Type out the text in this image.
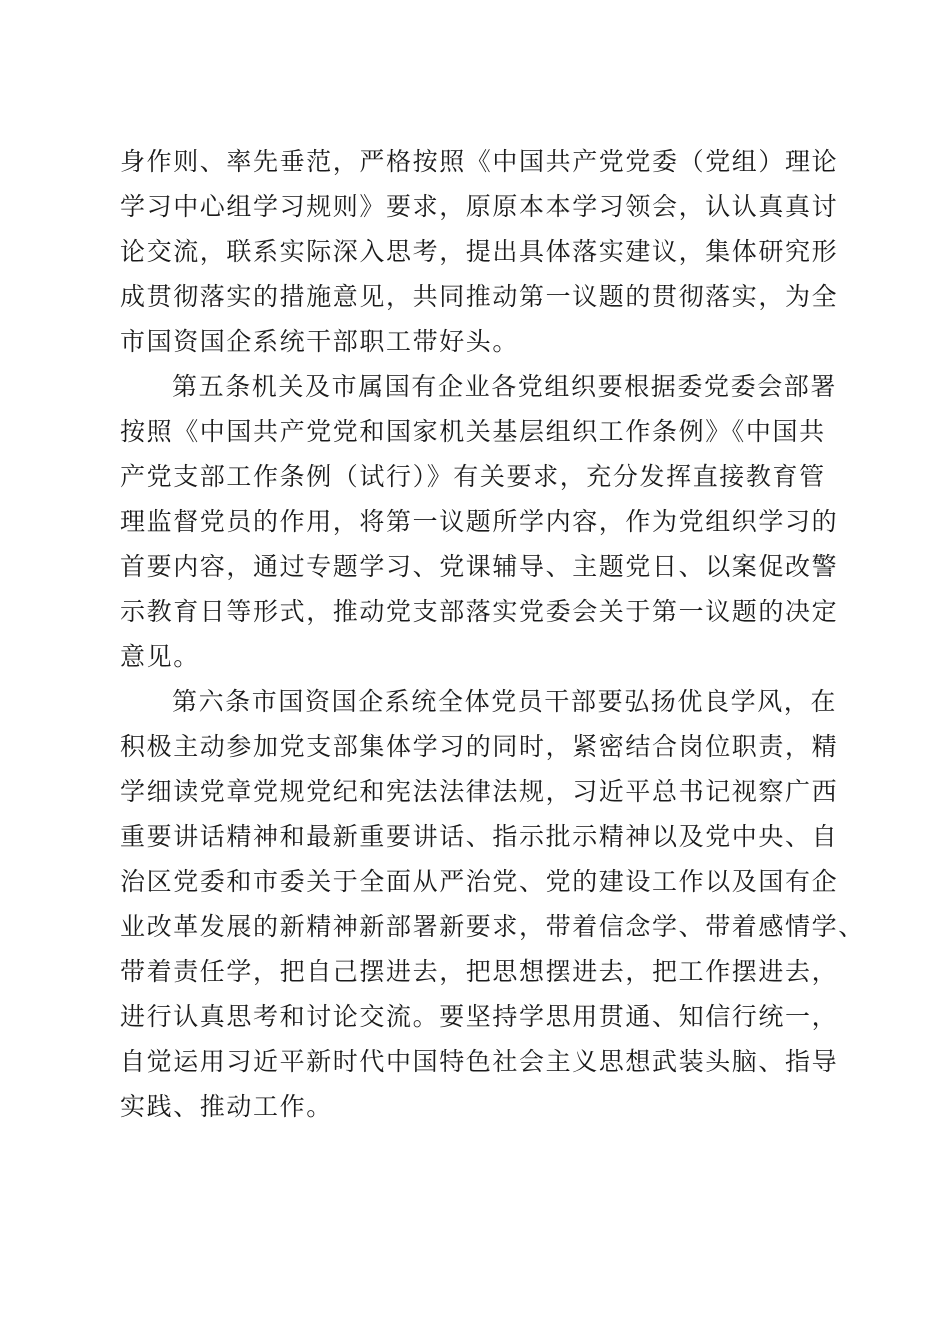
身作则、率先垂范，严格按照《中国共产党党委（党组）理论
学习中心组学习规则》要求，原原本本学习领会，认认真真讨
论交流，联系实际深入思考，提出具体落实建议，集体研究形
成贯彻落实的措施意见，共同推动第一议题的贯彻落实，为全
市国资国企系统干部职工带好头。
第五条机关及市属国有企业各党组织要根据委党委会部署
按照《中国共产党党和国家机关基层组织工作条例》《中国共
产党支部工作条例（试行）》有关要求，充分发挥直接教育管
理监督党员的作用，将第一议题所学内容，作为党组织学习的
首要内容，通过专题学习、党课辅导、主题党日、以案促改警
示教育日等形式，推动党支部落实党委会关于第一议题的决定
意见。
第六条市国资国企系统全体党员干部要弘扬优良学风，在
积极主动参加党支部集体学习的同时，紧密结合岗位职责，精
学细读党章党规党纪和宪法法律法规，习近平总书记视察广西
重要讲话精神和最新重要讲话、指示批示精神以及党中央、自
治区党委和市委关于全面从严治党、党的建设工作以及国有企
业改革发展的新精神新部署新要求，带着信念学、带着感情学、
带着责任学，把自己摆进去，把思想摆进去，把工作摆进去，
进行认真思考和讨论交流。要坚持学思用贯通、知信行统一，
自觉运用习近平新时代中国特色社会主义思想武装头脑、指导
实践、推动工作。
